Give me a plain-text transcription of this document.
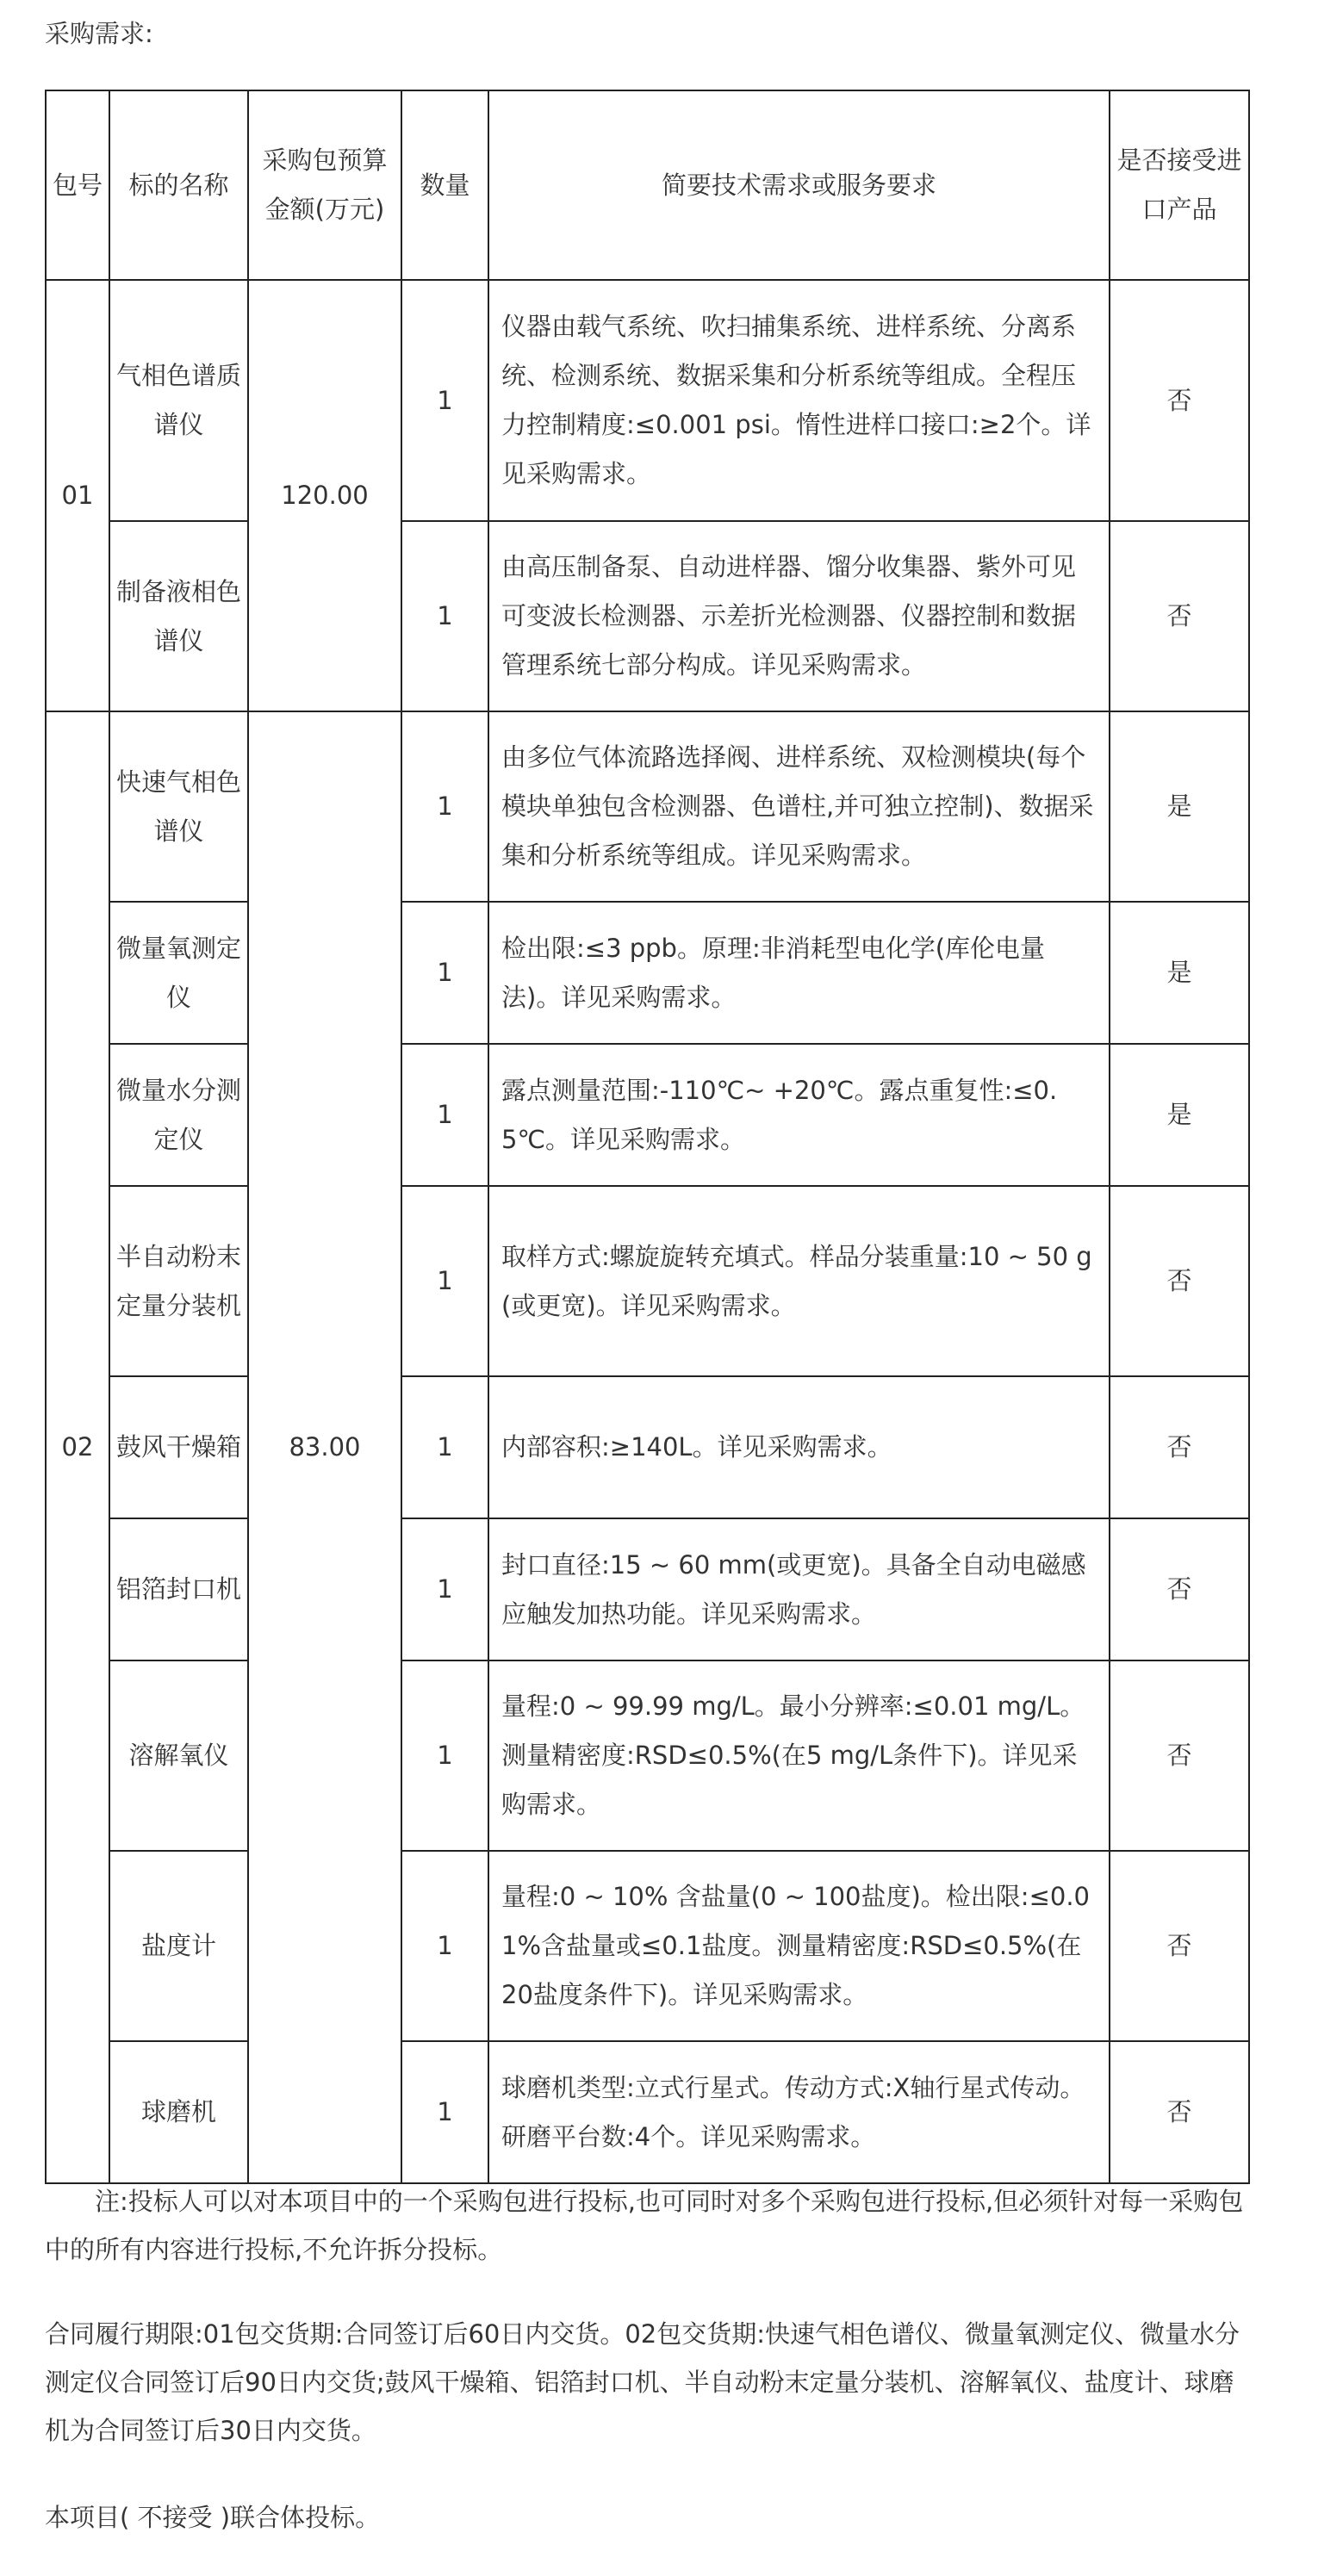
采购需求:
包号	标的名称	采购包预算金额(万元)	数量	简要技术需求或服务要求	是否接受进口产品
01	气相色谱质谱仪	120.00	1	仪器由载气系统、吹扫捕集系统、进样系统、分离系统、检测系统、数据采集和分析系统等组成。全程压力控制精度:≤0.001 psi。惰性进样口接口:≥2个。详见采购需求。	否
	制备液相色谱仪		1	由高压制备泵、自动进样器、馏分收集器、紫外可见可变波长检测器、示差折光检测器、仪器控制和数据管理系统七部分构成。详见采购需求。	否
02	快速气相色谱仪	83.00	1	由多位气体流路选择阀、进样系统、双检测模块(每个模块单独包含检测器、色谱柱,并可独立控制)、数据采集和分析系统等组成。详见采购需求。	是
	微量氧测定仪		1	检出限:≤3 ppb。原理:非消耗型电化学(库伦电量法)。详见采购需求。	是
	微量水分测定仪		1	露点测量范围:-110℃~ +20℃。露点重复性:≤0.5℃。详见采购需求。	是
	半自动粉末定量分装机		1	取样方式:螺旋旋转充填式。样品分装重量:10 ~ 50 g(或更宽)。详见采购需求。	否
	鼓风干燥箱		1	内部容积:≥140L。详见采购需求。	否
	铝箔封口机		1	封口直径:15 ~ 60 mm(或更宽)。具备全自动电磁感应触发加热功能。详见采购需求。	否
	溶解氧仪		1	量程:0 ~ 99.99 mg/L。最小分辨率:≤0.01 mg/L。测量精密度:RSD≤0.5%(在5 mg/L条件下)。详见采购需求。	否
	盐度计		1	量程:0 ~ 10% 含盐量(0 ~ 100盐度)。检出限:≤0.01%含盐量或≤0.1盐度。测量精密度:RSD≤0.5%(在20盐度条件下)。详见采购需求。	否
	球磨机		1	球磨机类型:立式行星式。传动方式:X轴行星式传动。研磨平台数:4个。详见采购需求。	否

注:投标人可以对本项目中的一个采购包进行投标,也可同时对多个采购包进行投标,但必须针对每一采购包中的所有内容进行投标,不允许拆分投标。

合同履行期限:01包交货期:合同签订后60日内交货。02包交货期:快速气相色谱仪、微量氧测定仪、微量水分测定仪合同签订后90日内交货;鼓风干燥箱、铝箔封口机、半自动粉末定量分装机、溶解氧仪、盐度计、球磨机为合同签订后30日内交货。

本项目( 不接受 )联合体投标。
